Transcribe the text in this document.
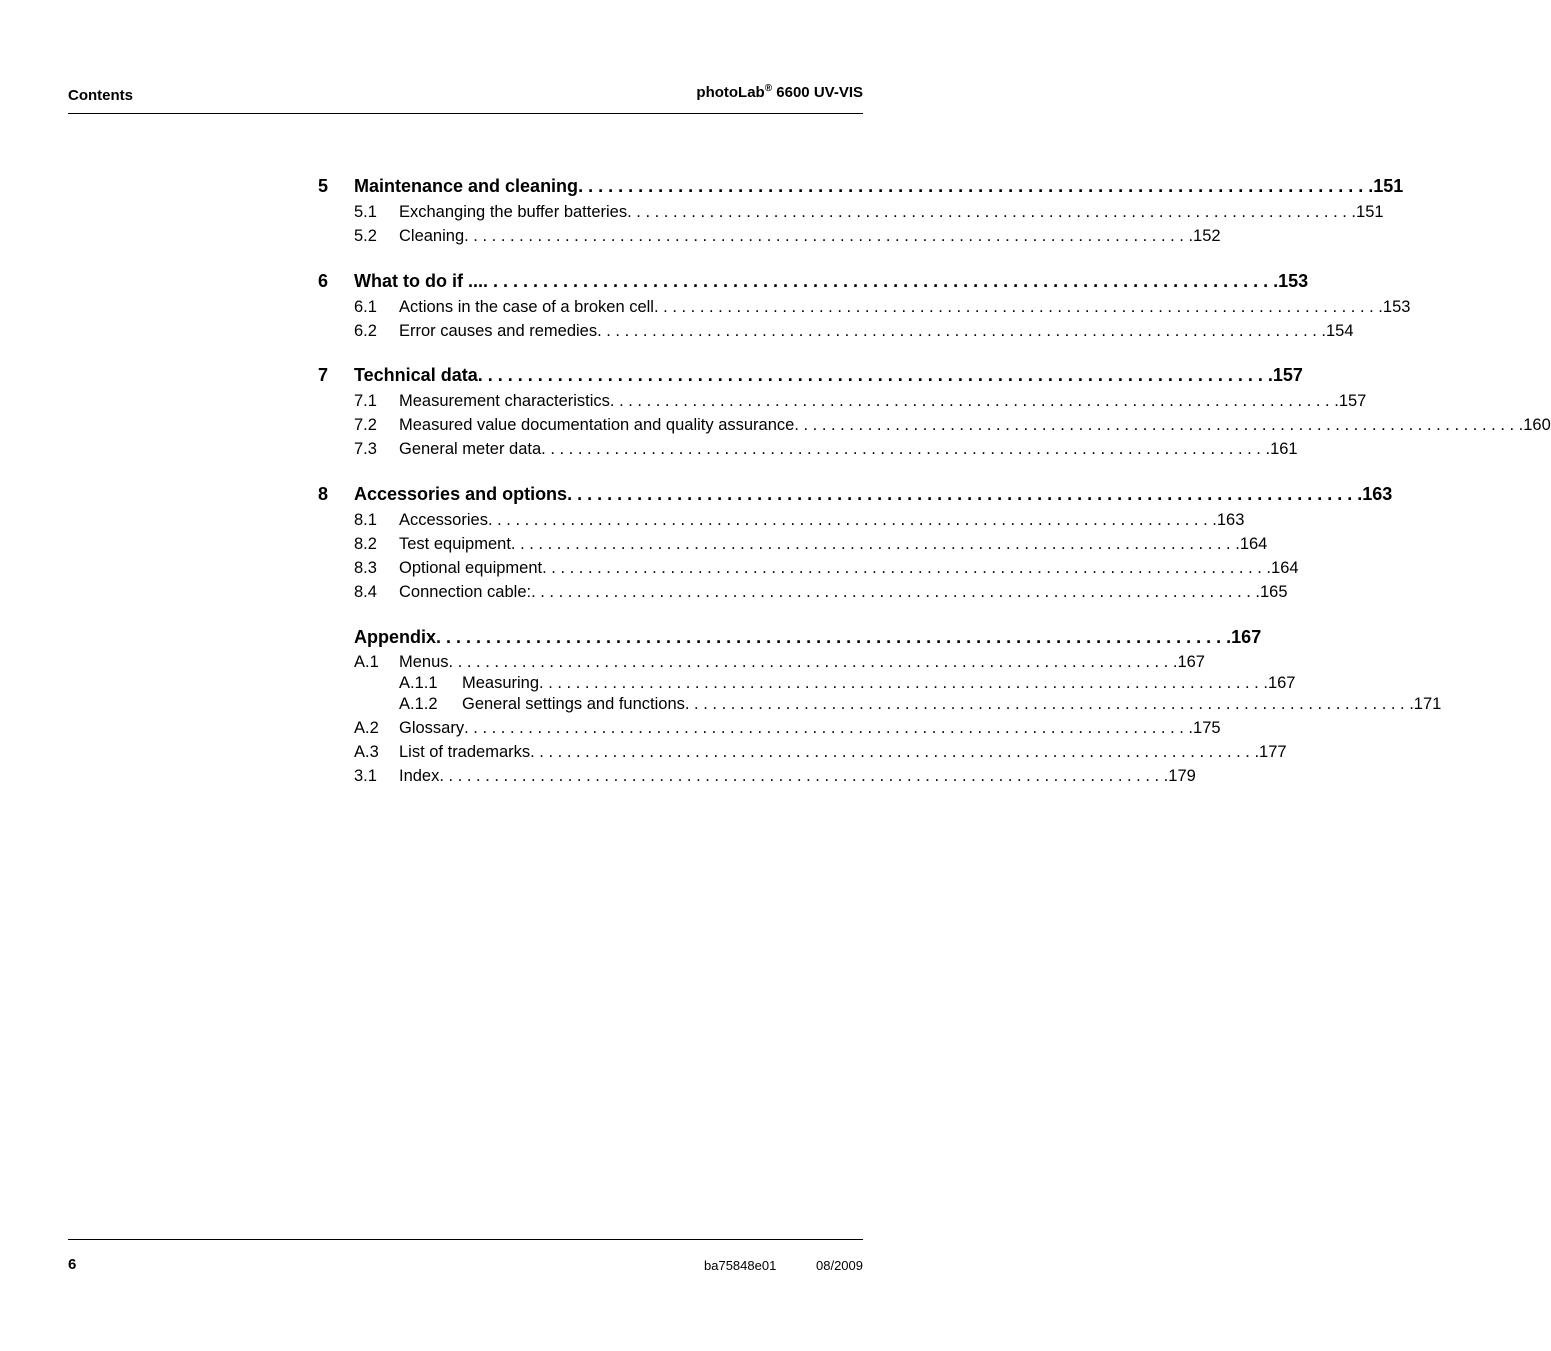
Contents	photoLab® 6600 UV-VIS
5	Maintenance and cleaning . . . . . . . . . . . . . . . . . . . . . . . . . . . . . . . . . . . . . . . . . . . . . . . . . . . . . . . . . . . . . . . . . . . . . . . . . . . . . . . . 151
5.1	Exchanging the buffer batteries . . . . . . . . . . . . . . . . . . . . . . . . . . . . . . . . . . . . . . . . . . . . . . . . . . . . . . . . . . . . . . . . . . . . . . . . . . . . . . . . 151
5.2	Cleaning . . . . . . . . . . . . . . . . . . . . . . . . . . . . . . . . . . . . . . . . . . . . . . . . . . . . . . . . . . . . . . . . . . . . . . . . . . . . . . . . 152
6	What to do if ... . . . . . . . . . . . . . . . . . . . . . . . . . . . . . . . . . . . . . . . . . . . . . . . . . . . . . . . . . . . . . . . . . . . . . . . . . . . . . . . . 153
6.1	Actions in the case of a broken cell . . . . . . . . . . . . . . . . . . . . . . . . . . . . . . . . . . . . . . . . . . . . . . . . . . . . . . . . . . . . . . . . . . . . . . . . . . . . . . . . 153
6.2	Error causes and remedies . . . . . . . . . . . . . . . . . . . . . . . . . . . . . . . . . . . . . . . . . . . . . . . . . . . . . . . . . . . . . . . . . . . . . . . . . . . . . . . . 154
7	Technical data . . . . . . . . . . . . . . . . . . . . . . . . . . . . . . . . . . . . . . . . . . . . . . . . . . . . . . . . . . . . . . . . . . . . . . . . . . . . . . . . 157
7.1	Measurement characteristics . . . . . . . . . . . . . . . . . . . . . . . . . . . . . . . . . . . . . . . . . . . . . . . . . . . . . . . . . . . . . . . . . . . . . . . . . . . . . . . . 157
7.2	Measured value documentation and quality assurance . . . . . . . . . . . . . . . . . . . . . . . . . . . . . . . . . . . . . . . . . . . . . . . . . . . . . . . . . . . . . . . . . . . . . . . . . . . . . . . . 160
7.3	General meter data . . . . . . . . . . . . . . . . . . . . . . . . . . . . . . . . . . . . . . . . . . . . . . . . . . . . . . . . . . . . . . . . . . . . . . . . . . . . . . . . 161
8	Accessories and options . . . . . . . . . . . . . . . . . . . . . . . . . . . . . . . . . . . . . . . . . . . . . . . . . . . . . . . . . . . . . . . . . . . . . . . . . . . . . . . . 163
8.1	Accessories . . . . . . . . . . . . . . . . . . . . . . . . . . . . . . . . . . . . . . . . . . . . . . . . . . . . . . . . . . . . . . . . . . . . . . . . . . . . . . . . 163
8.2	Test equipment . . . . . . . . . . . . . . . . . . . . . . . . . . . . . . . . . . . . . . . . . . . . . . . . . . . . . . . . . . . . . . . . . . . . . . . . . . . . . . . . 164
8.3	Optional equipment . . . . . . . . . . . . . . . . . . . . . . . . . . . . . . . . . . . . . . . . . . . . . . . . . . . . . . . . . . . . . . . . . . . . . . . . . . . . . . . . 164
8.4	Connection cable: . . . . . . . . . . . . . . . . . . . . . . . . . . . . . . . . . . . . . . . . . . . . . . . . . . . . . . . . . . . . . . . . . . . . . . . . . . . . . . . . 165
Appendix . . . . . . . . . . . . . . . . . . . . . . . . . . . . . . . . . . . . . . . . . . . . . . . . . . . . . . . . . . . . . . . . . . . . . . . . . . . . . . . . 167
A.1	Menus . . . . . . . . . . . . . . . . . . . . . . . . . . . . . . . . . . . . . . . . . . . . . . . . . . . . . . . . . . . . . . . . . . . . . . . . . . . . . . . . 167
A.1.1	Measuring . . . . . . . . . . . . . . . . . . . . . . . . . . . . . . . . . . . . . . . . . . . . . . . . . . . . . . . . . . . . . . . . . . . . . . . . . . . . . . . . 167
A.1.2	General settings and functions . . . . . . . . . . . . . . . . . . . . . . . . . . . . . . . . . . . . . . . . . . . . . . . . . . . . . . . . . . . . . . . . . . . . . . . . . . . . . . . . 171
A.2	Glossary . . . . . . . . . . . . . . . . . . . . . . . . . . . . . . . . . . . . . . . . . . . . . . . . . . . . . . . . . . . . . . . . . . . . . . . . . . . . . . . . 175
A.3	List of trademarks . . . . . . . . . . . . . . . . . . . . . . . . . . . . . . . . . . . . . . . . . . . . . . . . . . . . . . . . . . . . . . . . . . . . . . . . . . . . . . . . 177
3.1	Index . . . . . . . . . . . . . . . . . . . . . . . . . . . . . . . . . . . . . . . . . . . . . . . . . . . . . . . . . . . . . . . . . . . . . . . . . . . . . . . . 179
6	ba75848e01	08/2009
